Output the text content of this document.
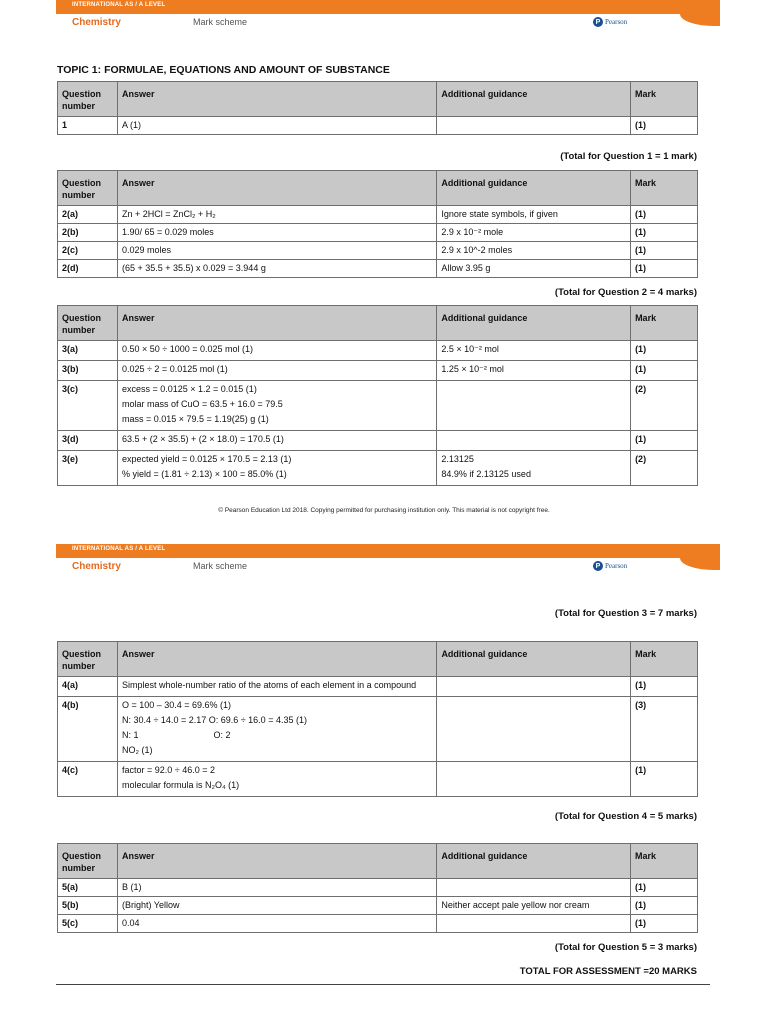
INTERNATIONAL AS / A LEVEL
Chemistry	Mark scheme	P Pearson
TOPIC 1: FORMULAE, EQUATIONS AND AMOUNT OF SUBSTANCE
Question number	Answer	Additional guidance	Mark
1	A (1)		(1)
(Total for Question 1 = 1 mark)
Question number	Answer	Additional guidance	Mark
2(a)	Zn + 2HCl = ZnCl₂ + H₂	Ignore state symbols, if given	(1)
2(b)	1.90/ 65 = 0.029 moles	2.9 x 10⁻² mole	(1)
2(c)	0.029 moles	2.9 x 10^-2 moles	(1)
2(d)	(65 + 35.5 + 35.5) x 0.029 = 3.944 g	Allow 3.95 g	(1)
(Total for Question 2 = 4 marks)
Question number	Answer	Additional guidance	Mark
3(a)	0.50 × 50 ÷ 1000 = 0.025 mol (1)	2.5 × 10⁻² mol	(1)
3(b)	0.025 ÷ 2 = 0.0125 mol (1)	1.25 × 10⁻² mol	(1)
3(c)	excess = 0.0125 × 1.2 = 0.015 (1)
molar mass of CuO = 63.5 + 16.0 = 79.5
mass = 0.015 × 79.5 = 1.19(25) g (1)		(2)
3(d)	63.5 + (2 × 35.5) + (2 × 18.0) = 170.5 (1)		(1)
3(e)	expected yield = 0.0125 × 170.5 = 2.13 (1)
% yield = (1.81 ÷ 2.13) × 100 = 85.0% (1)	2.13125
84.9% if 2.13125 used	(2)
© Pearson Education Ltd 2018. Copying permitted for purchasing institution only. This material is not copyright free.
INTERNATIONAL AS / A LEVEL
Chemistry	Mark scheme	P Pearson
(Total for Question 3 = 7 marks)
Question number	Answer	Additional guidance	Mark
4(a)	Simplest whole-number ratio of the atoms of each element in a compound		(1)
4(b)	O = 100 – 30.4 = 69.6% (1)
N: 30.4 ÷ 14.0 = 2.17 O: 69.6 ÷ 16.0 = 4.35 (1)
N: 1                              O: 2
NO₂ (1)		(3)
4(c)	factor = 92.0 ÷ 46.0 = 2
molecular formula is N₂O₄ (1)		(1)
(Total for Question 4 = 5 marks)
Question number	Answer	Additional guidance	Mark
5(a)	B (1)		(1)
5(b)	(Bright) Yellow	Neither accept pale yellow nor cream	(1)
5(c)	0.04		(1)
(Total for Question 5 = 3 marks)
TOTAL FOR ASSESSMENT =20 MARKS
